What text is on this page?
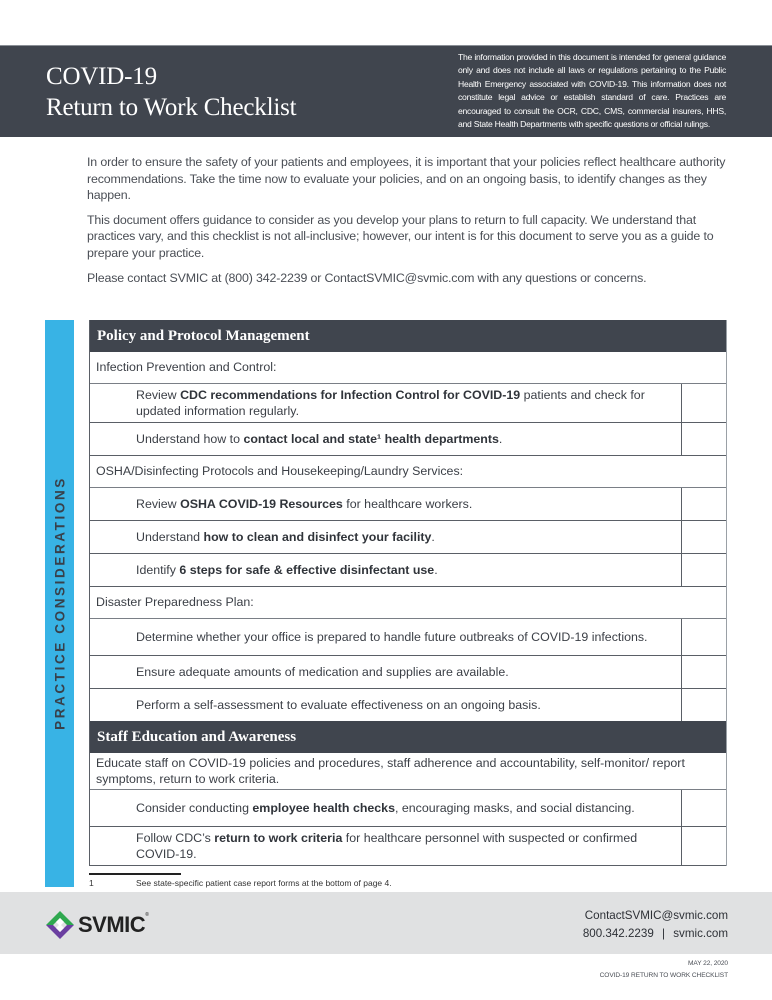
COVID-19
Return to Work Checklist
The information provided in this document is intended for general guidance only and does not include all laws or regulations pertaining to the Public Health Emergency associated with COVID-19. This information does not constitute legal advice or establish standard of care. Practices are encouraged to consult the OCR, CDC, CMS, commercial insurers, HHS, and State Health Departments with specific questions or official rulings.

In order to ensure the safety of your patients and employees, it is important that your policies reflect healthcare authority recommendations. Take the time now to evaluate your policies, and on an ongoing basis, to identify changes as they happen.

This document offers guidance to consider as you develop your plans to return to full capacity. We understand that practices vary, and this checklist is not all-inclusive; however, our intent is for this document to serve you as a guide to prepare your practice.

Please contact SVMIC at (800) 342-2239 or ContactSVMIC@svmic.com with any questions or concerns.

PRACTICE CONSIDERATIONS
Policy and Protocol Management
Infection Prevention and Control:
Review CDC recommendations for Infection Control for COVID-19 patients and check for updated information regularly.
Understand how to contact local and state¹ health departments.
OSHA/Disinfecting Protocols and Housekeeping/Laundry Services:
Review OSHA COVID-19 Resources for healthcare workers.
Understand how to clean and disinfect your facility.
Identify 6 steps for safe & effective disinfectant use.
Disaster Preparedness Plan:
Determine whether your office is prepared to handle future outbreaks of COVID-19 infections.
Ensure adequate amounts of medication and supplies are available.
Perform a self-assessment to evaluate effectiveness on an ongoing basis.
Staff Education and Awareness
Educate staff on COVID-19 policies and procedures, staff adherence and accountability, self-monitor/ report symptoms, return to work criteria.
Consider conducting employee health checks, encouraging masks, and social distancing.
Follow CDC’s return to work criteria for healthcare personnel with suspected or confirmed COVID-19.
1	See state-specific patient case report forms at the bottom of page 4.
SVMIC®	ContactSVMIC@svmic.com
800.342.2239 | svmic.com
MAY 22, 2020
COVID-19 RETURN TO WORK CHECKLIST
